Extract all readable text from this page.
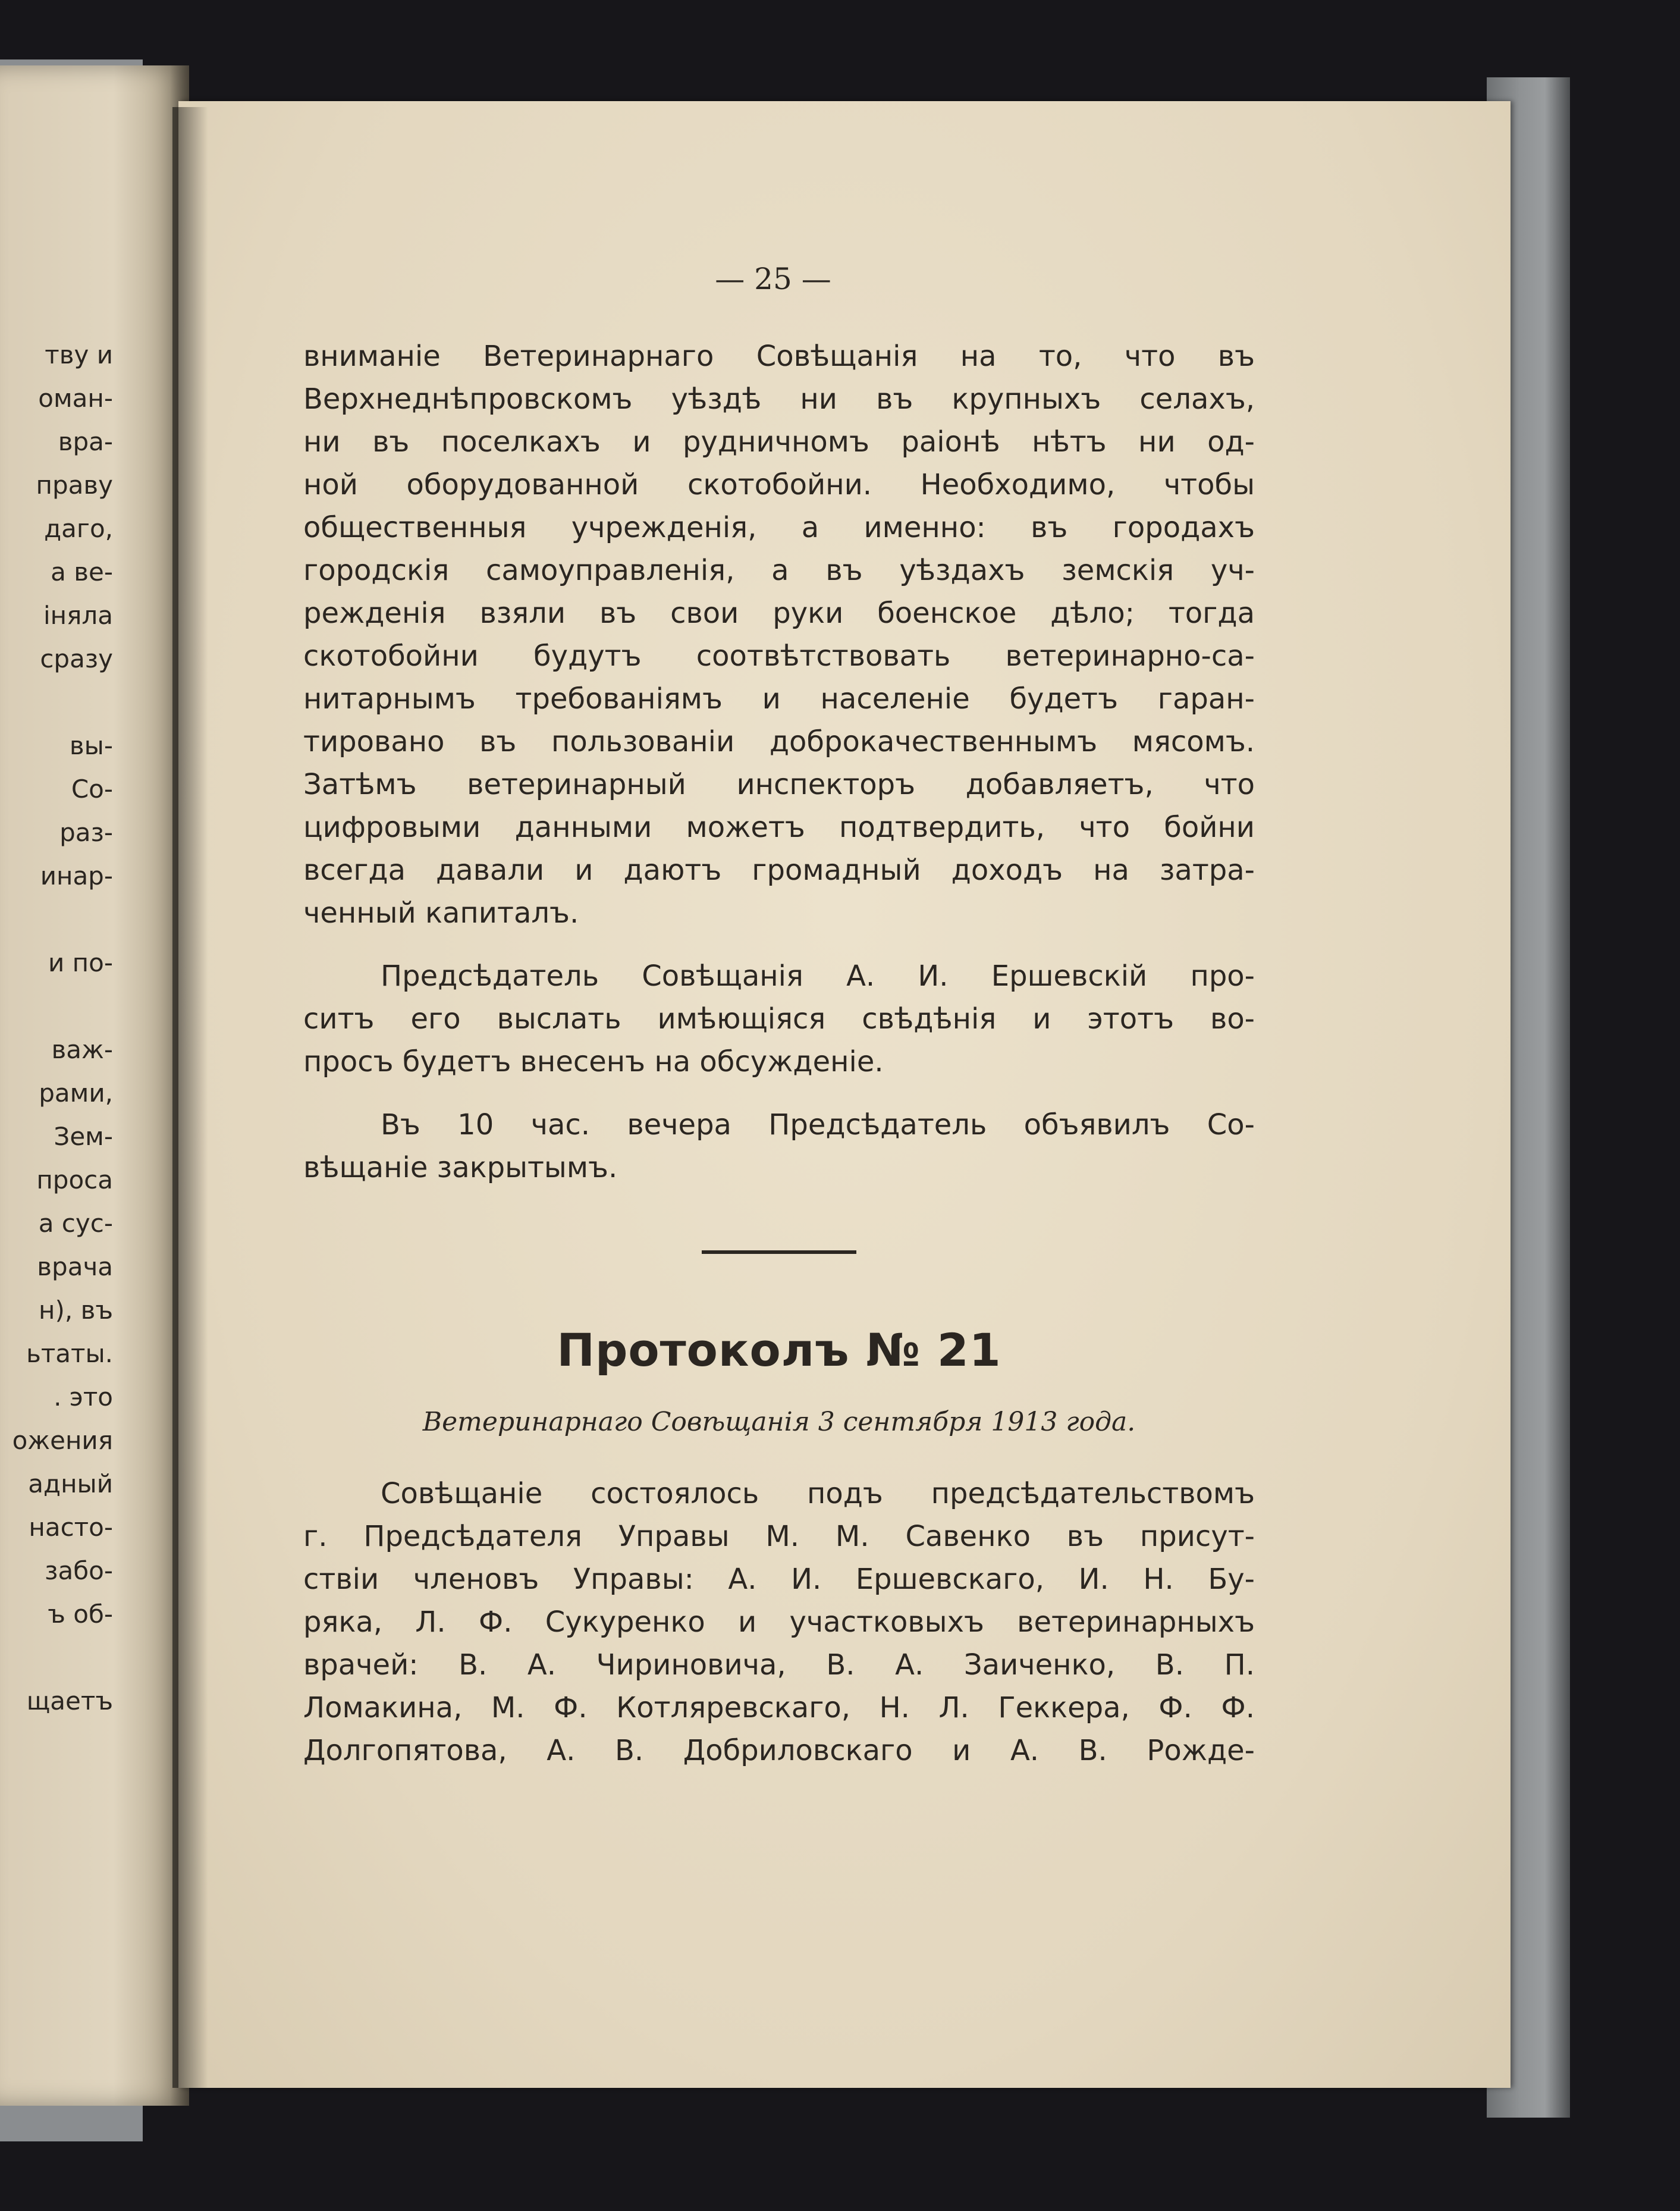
тву и
оман-
вра-
праву
дагo,
а ве-
іняла
сразу
вы-
Со-
раз-
инар-
и по-
важ-
рами,
Зем-
проса
а сус-
врача
н), въ
ьтаты.
. это
ожения
адный
насто-
забо-
ъ об-
щаетъ
— 25 —
вниманіе Ветеринарнаго Совѣщанія на то, что въ
Верхнеднѣпровскомъ уѣздѣ ни въ крупныхъ селахъ,
ни въ поселкахъ и рудничномъ раіонѣ нѣтъ ни од-
ной оборудованной скотобойни. Необходимо, чтобы
общественныя учрежденія, а именно: въ городахъ
городскія самоуправленія, а въ уѣздахъ земскія уч-
режденія взяли въ свои руки боенское дѣло; тогда
скотобойни будутъ соотвѣтствовать ветеринарно-са-
нитарнымъ требованіямъ и населеніе будетъ гаран-
тировано въ пользованіи доброкачественнымъ мясомъ.
Затѣмъ ветеринарный инспекторъ добавляетъ, что
цифровыми данными можетъ подтвердить, что бойни
всегда давали и даютъ громадный доходъ на затра-
ченный капиталъ.
Предсѣдатель Совѣщанія А. И. Ершевскій про-
ситъ его выслать имѣющіяся свѣдѣнія и этотъ во-
просъ будетъ внесенъ на обсужденіе.
Въ 10 час. вечера Предсѣдатель объявилъ Со-
вѣщаніе закрытымъ.
Протоколъ № 21
Ветеринарнаго Совѣщанія 3 сентября 1913 года.
Совѣщаніе состоялось подъ предсѣдательствомъ
г. Предсѣдателя Управы М. М. Савенко въ присут-
ствіи членовъ Управы: А. И. Ершевскаго, И. Н. Бу-
ряка, Л. Ф. Сукуренко и участковыхъ ветеринарныхъ
врачей: В. А. Чириновича, В. А. Заиченко, В. П.
Ломакина, М. Ф. Котляревскаго, Н. Л. Геккера, Ф. Ф.
Долгопятова, А. В. Добриловскаго и А. В. Рожде-
